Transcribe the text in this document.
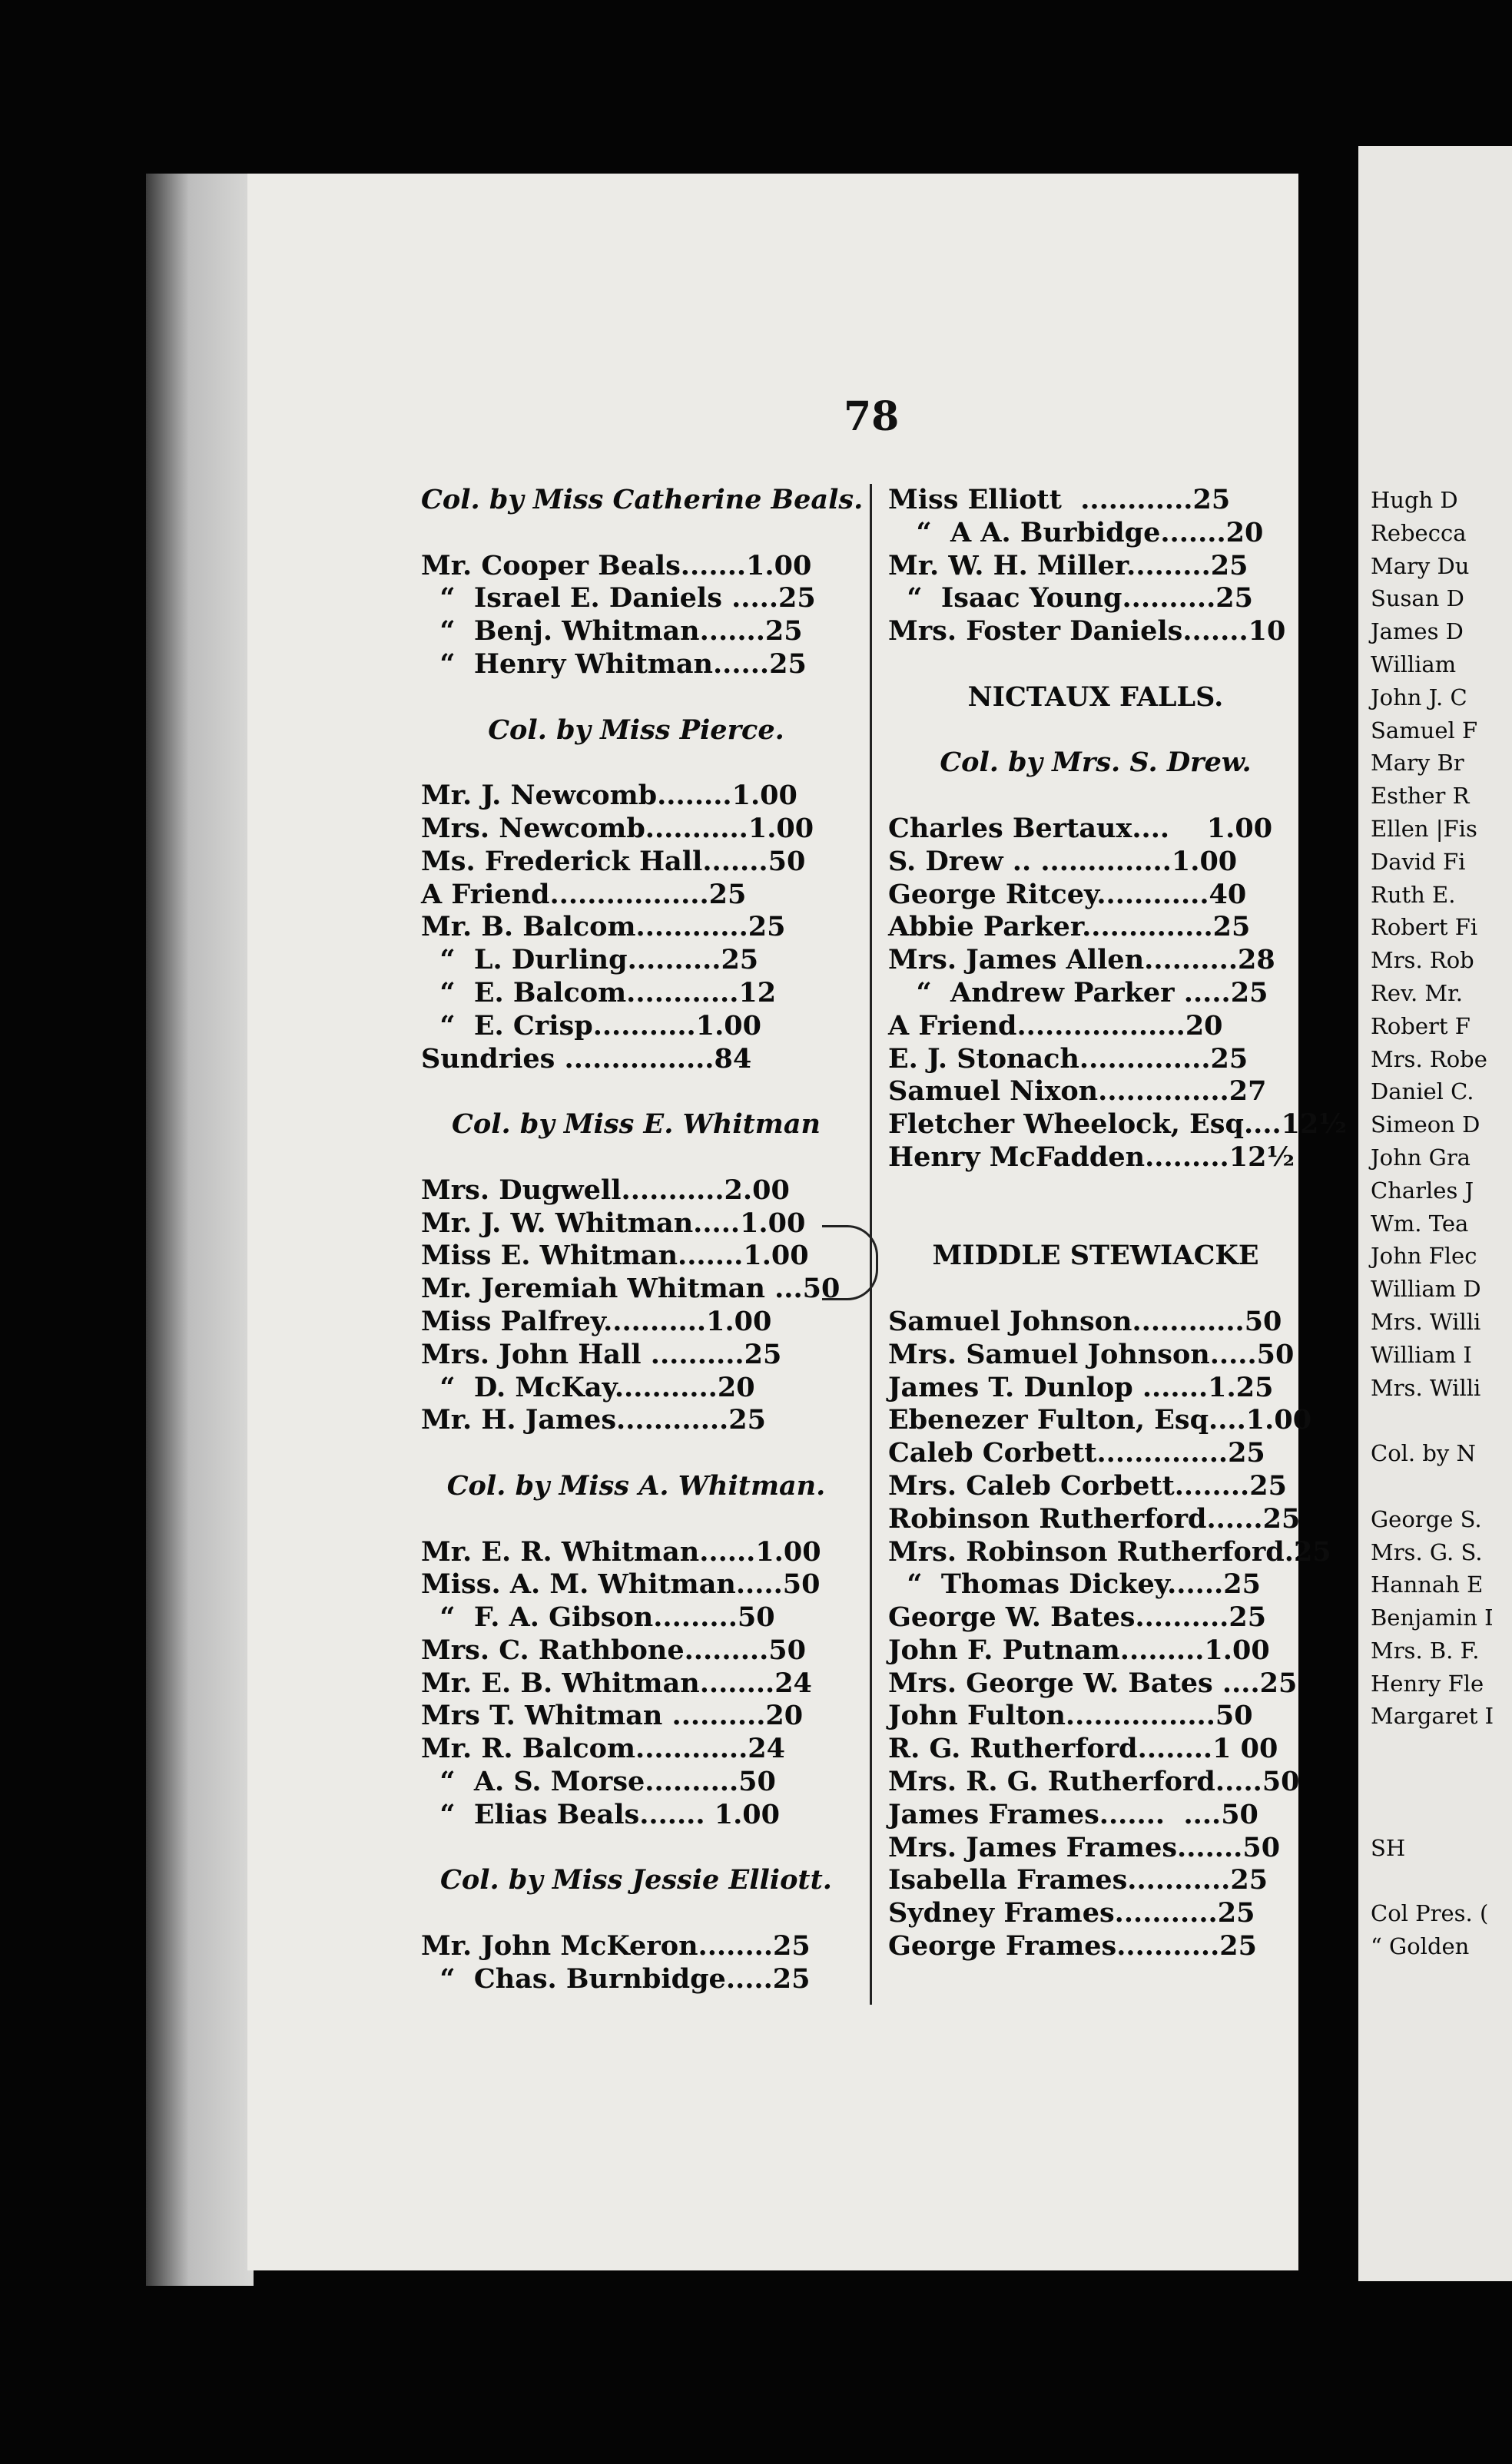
78
Col. by Miss Catherine Beals.
Mr. Cooper Beals.......1.00
“  Israel E. Daniels .....25
“  Benj. Whitman.......25
“  Henry Whitman......25
Col. by Miss Pierce.
Mr. J. Newcomb........1.00
Mrs. Newcomb...........1.00
Ms. Frederick Hall.......50
A Friend.................25
Mr. B. Balcom............25
“  L. Durling..........25
“  E. Balcom............12
“  E. Crisp...........1.00
Sundries ................84
Col. by Miss E. Whitman
Mrs. Dugwell...........2.00
Mr. J. W. Whitman.....1.00
Miss E. Whitman.......1.00
Mr. Jeremiah Whitman ...50
Miss Palfrey...........1.00
Mrs. John Hall ..........25
“  D. McKay...........20
Mr. H. James............25
Col. by Miss A. Whitman.
Mr. E. R. Whitman......1.00
Miss. A. M. Whitman.....50
“  F. A. Gibson.........50
Mrs. C. Rathbone.........50
Mr. E. B. Whitman........24
Mrs T. Whitman ..........20
Mr. R. Balcom............24
“  A. S. Morse..........50
“  Elias Beals....... 1.00
Col. by Miss Jessie Elliott.
Mr. John McKeron........25
“  Chas. Burnbidge.....25
Miss Elliott  ............25
“  A A. Burbidge.......20
Mr. W. H. Miller.........25
“  Isaac Young..........25
Mrs. Foster Daniels.......10
NICTAUX FALLS.
Col. by Mrs. S. Drew.
Charles Bertaux....    1.00
S. Drew .. ..............1.00
George Ritcey............40
Abbie Parker..............25
Mrs. James Allen..........28
“  Andrew Parker .....25
A Friend..................20
E. J. Stonach..............25
Samuel Nixon..............27
Fletcher Wheelock, Esq....12½
Henry McFadden.........12½
MIDDLE STEWIACKE
Samuel Johnson............50
Mrs. Samuel Johnson.....50
James T. Dunlop .......1.25
Ebenezer Fulton, Esq....1.00
Caleb Corbett..............25
Mrs. Caleb Corbett........25
Robinson Rutherford......25
Mrs. Robinson Rutherford.25
“  Thomas Dickey......25
George W. Bates..........25
John F. Putnam.........1.00
Mrs. George W. Bates ....25
John Fulton................50
R. G. Rutherford........1 00
Mrs. R. G. Rutherford.....50
James Frames.......  ....50
Mrs. James Frames.......50
Isabella Frames...........25
Sydney Frames...........25
George Frames...........25
Hugh D
Rebecca
Mary Du
Susan D
James D
William
John J. C
Samuel F
Mary Br
Esther R
Ellen |Fis
David Fi
Ruth E.
Robert Fi
Mrs. Rob
Rev. Mr.
Robert F
Mrs. Robe
Daniel C.
Simeon D
John Gra
Charles J
Wm. Tea
John Flec
William D
Mrs. Willi
William I
Mrs. Willi
Col. by N
George S.
Mrs. G. S.
Hannah E
Benjamin I
Mrs. B. F.
Henry Fle
Margaret I
SH
Col Pres. (
“ Golden
